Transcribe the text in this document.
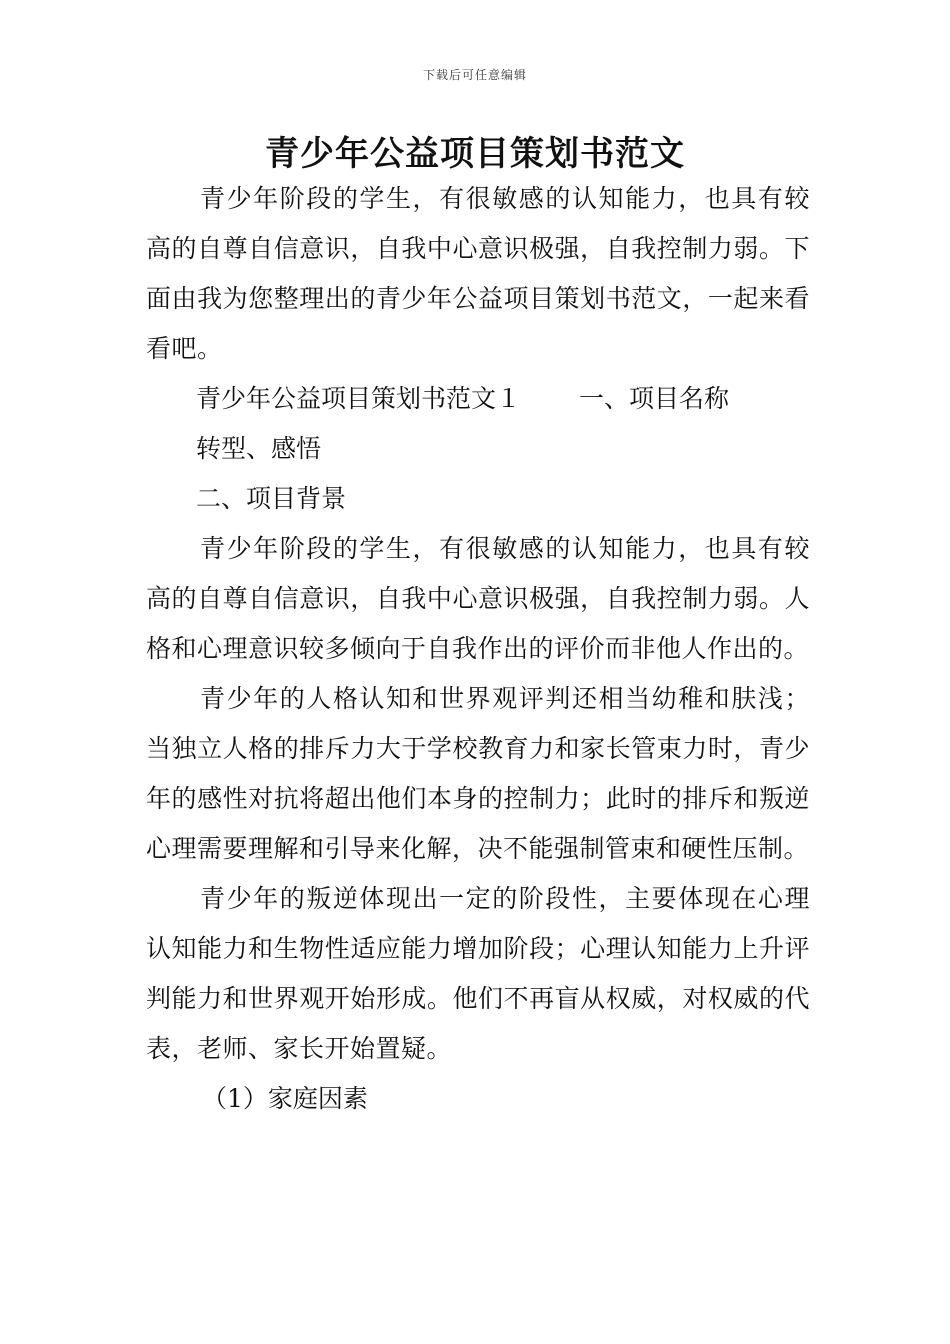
下载后可任意编辑
青少年公益项目策划书范文

青少年阶段的学生，有很敏感的认知能力，也具有较高的自尊自信意识，自我中心意识极强，自我控制力弱。下面由我为您整理出的青少年公益项目策划书范文，一起来看看吧。

青少年公益项目策划书范文１ 一、项目名称

转型、感悟

二、项目背景

青少年阶段的学生，有很敏感的认知能力，也具有较高的自尊自信意识，自我中心意识极强，自我控制力弱。人格和心理意识较多倾向于自我作出的评价而非他人作出的。

青少年的人格认知和世界观评判还相当幼稚和肤浅；当独立人格的排斥力大于学校教育力和家长管束力时，青少年的感性对抗将超出他们本身的控制力；此时的排斥和叛逆心理需要理解和引导来化解，决不能强制管束和硬性压制。

青少年的叛逆体现出一定的阶段性，主要体现在心理认知能力和生物性适应能力增加阶段；心理认知能力上升评判能力和世界观开始形成。他们不再盲从权威，对权威的代表，老师、家长开始置疑。

（1）家庭因素
